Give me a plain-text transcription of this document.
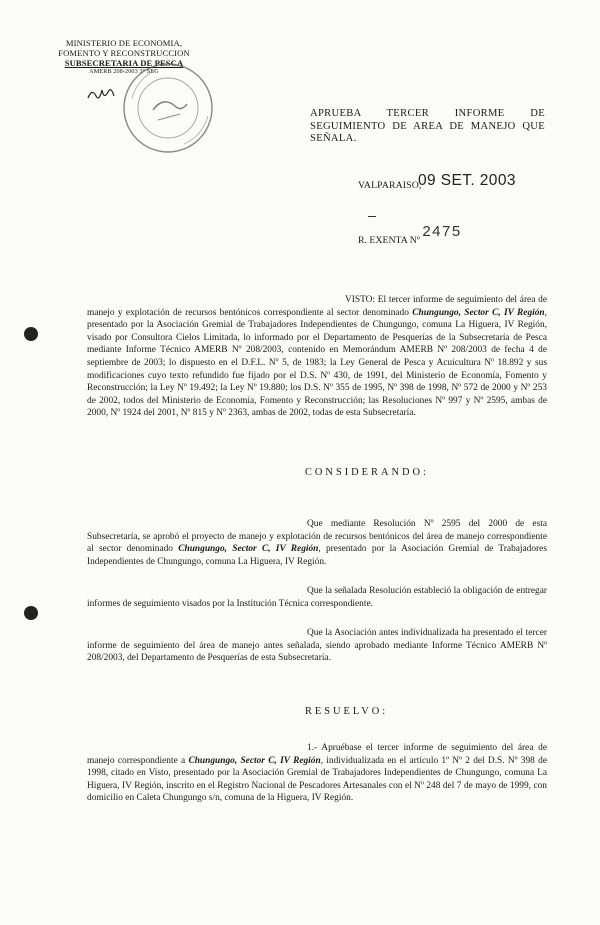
MINISTERIO DE ECONOMIA,
FOMENTO Y RECONSTRUCCION
SUBSECRETARIA DE PESCA
AMERB 208-2003 3° SEG
APRUEBA TERCER INFORME DE SEGUIMIENTO DE AREA DE MANEJO QUE SEÑALA.
VALPARAISO,
09 SET. 2003
R. EXENTA Nº 2475
VISTO: El tercer informe de seguimiento del área de manejo y explotación de recursos bentónicos correspondiente al sector denominado Chungungo, Sector C, IV Región, presentado por la Asociación Gremial de Trabajadores Independientes de Chungungo, comuna La Higuera, IV Región, visado por Consultora Cielos Limitada, lo informado por el Departamento de Pesquerías de la Subsecretaría de Pesca mediante Informe Técnico AMERB Nº 208/2003, contenido en Memorándum AMERB Nº 208/2003 de fecha 4 de septiembre de 2003; lo dispuesto en el D.F.L. Nº 5, de 1983; la Ley General de Pesca y Acuicultura Nº 18.892 y sus modificaciones cuyo texto refundido fue fijado por el D.S. Nº 430, de 1991, del Ministerio de Economía, Fomento y Reconstrucción; la Ley Nº 19.492; la Ley Nº 19.880; los D.S. Nº 355 de 1995, Nº 398 de 1998, Nº 572 de 2000 y Nº 253 de 2002, todos del Ministerio de Economía, Fomento y Reconstrucción; las Resoluciones Nº 997 y Nº 2595, ambas de 2000, Nº 1924 del 2001, Nº 815 y Nº 2363, ambas de 2002, todas de esta Subsecretaría.
CONSIDERANDO:
Que mediante Resolución Nº 2595 del 2000 de esta Subsecretaría, se aprobó el proyecto de manejo y explotación de recursos bentónicos del área de manejo correspondiente al sector denominado Chungungo, Sector C, IV Región, presentado por la Asociación Gremial de Trabajadores Independientes de Chungungo, comuna La Higuera, IV Región.
Que la señalada Resolución estableció la obligación de entregar informes de seguimiento visados por la Institución Técnica correspondiente.
Que la Asociación antes individualizada ha presentado el tercer informe de seguimiento del área de manejo antes señalada, siendo aprobado mediante Informe Técnico AMERB Nº 208/2003, del Departamento de Pesquerías de esta Subsecretaría.
RESUELVO:
1.- Apruébase el tercer informe de seguimiento del área de manejo correspondiente a Chungungo, Sector C, IV Región, individualizada en el artículo 1º Nº 2 del D.S. Nº 398 de 1998, citado en Visto, presentado por la Asociación Gremial de Trabajadores Independientes de Chungungo, comuna La Higuera, IV Región, inscrito en el Registro Nacional de Pescadores Artesanales con el Nº 248 del 7 de mayo de 1999, con domicilio en Caleta Chungungo s/n, comuna de la Higuera, IV Región.
